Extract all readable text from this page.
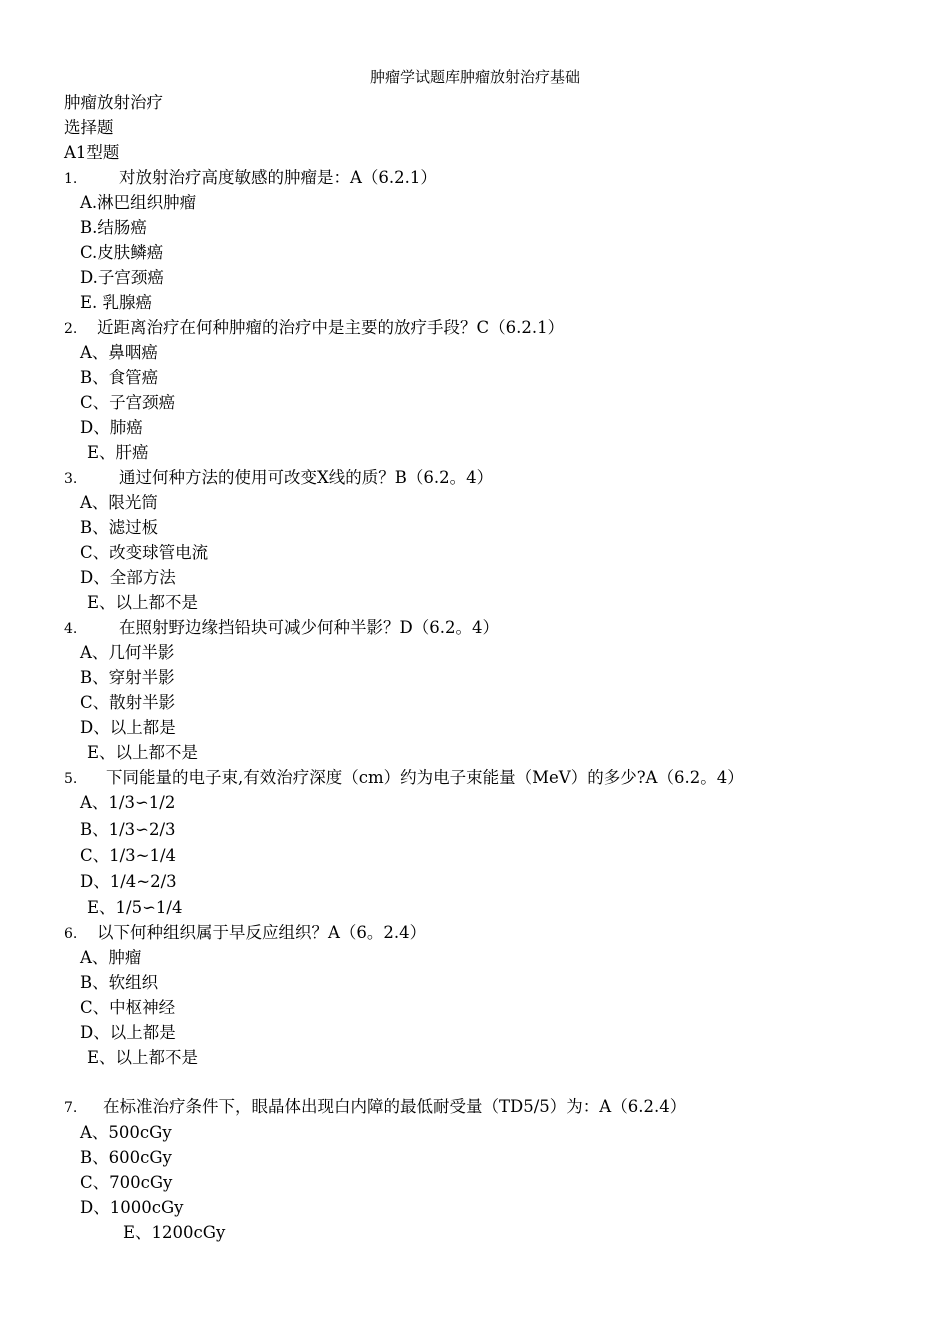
肿瘤学试题库肿瘤放射治疗基础
肿瘤放射治疗
选择题
A1型题
1.	对放射治疗高度敏感的肿瘤是：A（6.2.1）
A.淋巴组织肿瘤
B.结肠癌
C.皮肤鳞癌
D.子宫颈癌
E. 乳腺癌
2. 近距离治疗在何种肿瘤的治疗中是主要的放疗手段？C（6.2.1）
A、鼻咽癌
B、食管癌
C、子宫颈癌
D、肺癌
E、肝癌
3.	通过何种方法的使用可改变X线的质？B（6.2。4）
A、限光筒
B、滤过板
C、改变球管电流
D、全部方法
E、以上都不是
4.	在照射野边缘挡铅块可减少何种半影？D（6.2。4）
A、几何半影
B、穿射半影
C、散射半影
D、以上都是
E、以上都不是
5. 下同能量的电子束,有效治疗深度（cm）约为电子束能量（MeV）的多少?A（6.2。4）
A、1/3∽1/2
B、1/3∽2/3
C、1/3~1/4
D、1/4~2/3
E、1/5∽1/4
6. 以下何种组织属于早反应组织？A（6。2.4）
A、肿瘤
B、软组织
C、中枢神经
D、以上都是
E、以上都不是
7. 在标准治疗条件下，眼晶体出现白内障的最低耐受量（TD5/5）为：A（6.2.4）
A、500cGy
B、600cGy
C、700cGy
D、1000cGy
E、1200cGy
